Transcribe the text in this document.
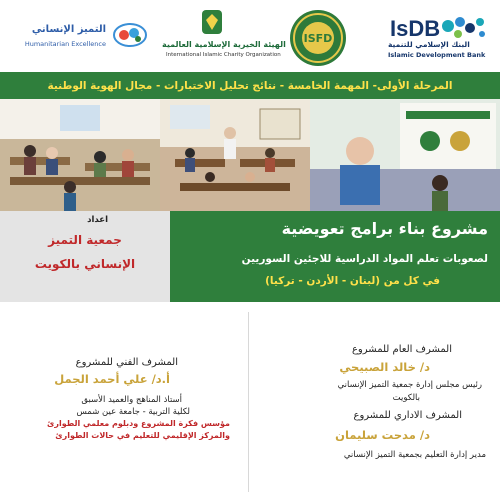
التميز الإنساني
Humanitarian Excellence	الهيئة الخيرية الإسلامية العالمية
International Islamic Charity Organization
ISFD	IsDB
البنك الإسلامي للتنمية
Islamic Development Bank
المرحلة الأولى- المهمة الخامسة - نتائج تحليل الاختبارات - مجال الهوية الوطنية
اعداد
جمعية التميز
الإنساني بالكويت
مشروع بناء برامج تعويضية
لصعوبات تعلم المواد الدراسية للاجئين السوريين
في كل من (لبنان - الأردن - تركيا)
المشرف العام للمشروع
د/ خالد الصبيحي
رئيس مجلس إدارة جمعية التميز الإنساني
بالكويت
المشرف الاداري للمشروع
د/ مدحت سليمان
مدير إدارة التعليم بجمعية التميز الإنساني
المشرف الفني للمشروع
أ.د/ علي أحمد الجمل
أستاذ المناهج والعميد الأسبق
لكلية التربية - جامعة عين شمس
مؤسس فكرة المشروع ودبلوم معلمي الطوارئ
والمركز الإقليمي للتعليم في حالات الطوارئ
